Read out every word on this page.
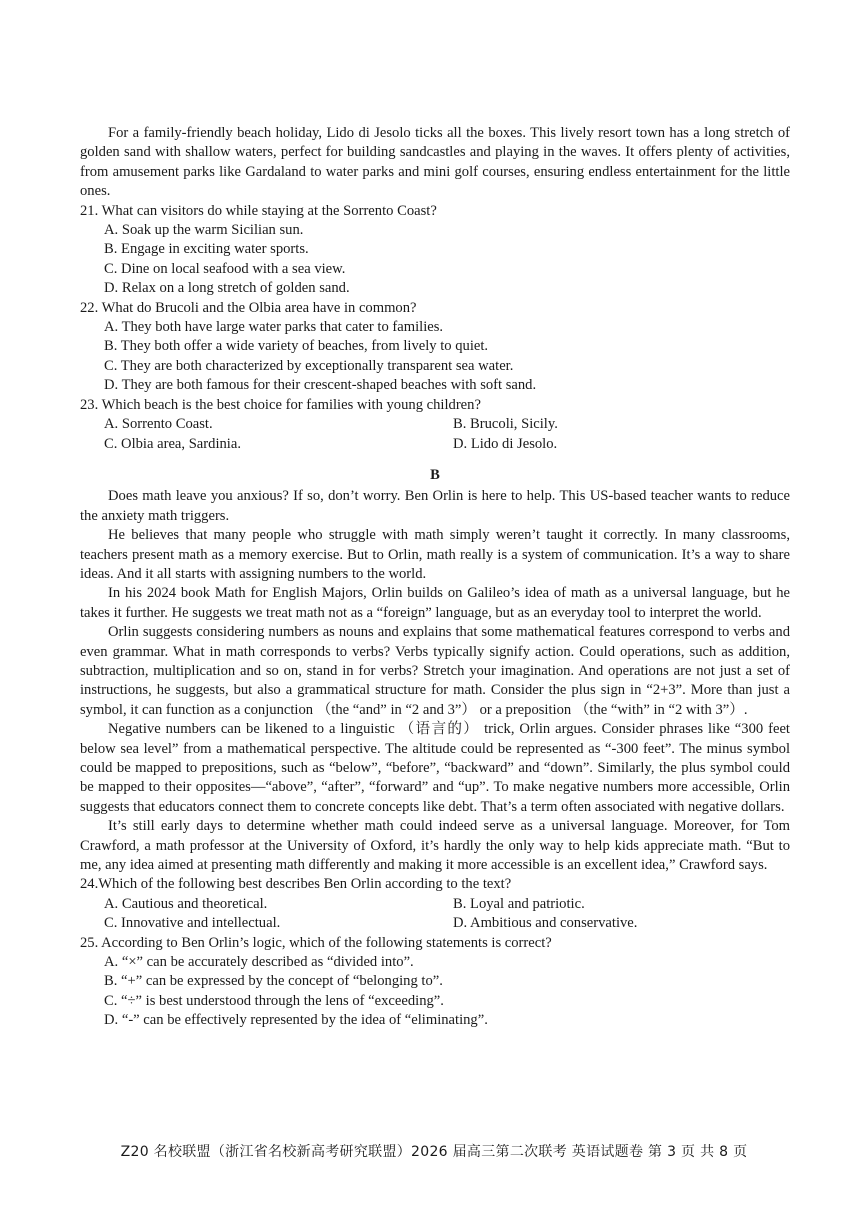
For a family-friendly beach holiday, Lido di Jesolo ticks all the boxes. This lively resort town has a long stretch of golden sand with shallow waters, perfect for building sandcastles and playing in the waves. It offers plenty of activities, from amusement parks like Gardaland to water parks and mini golf courses, ensuring endless entertainment for the little ones.

21. What can visitors do while staying at the Sorrento Coast?
A. Soak up the warm Sicilian sun.
B. Engage in exciting water sports.
C. Dine on local seafood with a sea view.
D. Relax on a long stretch of golden sand.
22. What do Brucoli and the Olbia area have in common?
A. They both have large water parks that cater to families.
B. They both offer a wide variety of beaches, from lively to quiet.
C. They are both characterized by exceptionally transparent sea water.
D. They are both famous for their crescent-shaped beaches with soft sand.
23. Which beach is the best choice for families with young children?
A. Sorrento Coast.	B. Brucoli, Sicily.
C. Olbia area, Sardinia.	D. Lido di Jesolo.
B

Does math leave you anxious? If so, don’t worry. Ben Orlin is here to help. This US-based teacher wants to reduce the anxiety math triggers.

He believes that many people who struggle with math simply weren’t taught it correctly. In many classrooms, teachers present math as a memory exercise. But to Orlin, math really is a system of communication. It’s a way to share ideas. And it all starts with assigning numbers to the world.

In his 2024 book Math for English Majors, Orlin builds on Galileo’s idea of math as a universal language, but he takes it further. He suggests we treat math not as a “foreign” language, but as an everyday tool to interpret the world.

Orlin suggests considering numbers as nouns and explains that some mathematical features correspond to verbs and even grammar. What in math corresponds to verbs? Verbs typically signify action. Could operations, such as addition, subtraction, multiplication and so on, stand in for verbs? Stretch your imagination. And operations are not just a set of instructions, he suggests, but also a grammatical structure for math. Consider the plus sign in “2+3”. More than just a symbol, it can function as a conjunction （the “and” in “2 and 3”） or a preposition （the “with” in “2 with 3”）.

Negative numbers can be likened to a linguistic （语言的） trick, Orlin argues. Consider phrases like “300 feet below sea level” from a mathematical perspective. The altitude could be represented as “-300 feet”. The minus symbol could be mapped to prepositions, such as “below”, “before”, “backward” and “down”. Similarly, the plus symbol could be mapped to their opposites—“above”, “after”, “forward” and “up”. To make negative numbers more accessible, Orlin suggests that educators connect them to concrete concepts like debt. That’s a term often associated with negative dollars.

It’s still early days to determine whether math could indeed serve as a universal language. Moreover, for Tom Crawford, a math professor at the University of Oxford, it’s hardly the only way to help kids appreciate math. “But to me, any idea aimed at presenting math differently and making it more accessible is an excellent idea,” Crawford says.

24.Which of the following best describes Ben Orlin according to the text?
A. Cautious and theoretical.	B. Loyal and patriotic.
C. Innovative and intellectual.	D. Ambitious and conservative.
25. According to Ben Orlin’s logic, which of the following statements is correct?
A. “×” can be accurately described as “divided into”.
B. “+” can be expressed by the concept of “belonging to”.
C. “÷” is best understood through the lens of “exceeding”.
D. “-” can be effectively represented by the idea of “eliminating”.
Z20 名校联盟（浙江省名校新高考研究联盟）2026 届高三第二次联考 英语试题卷 第 3 页 共 8 页
